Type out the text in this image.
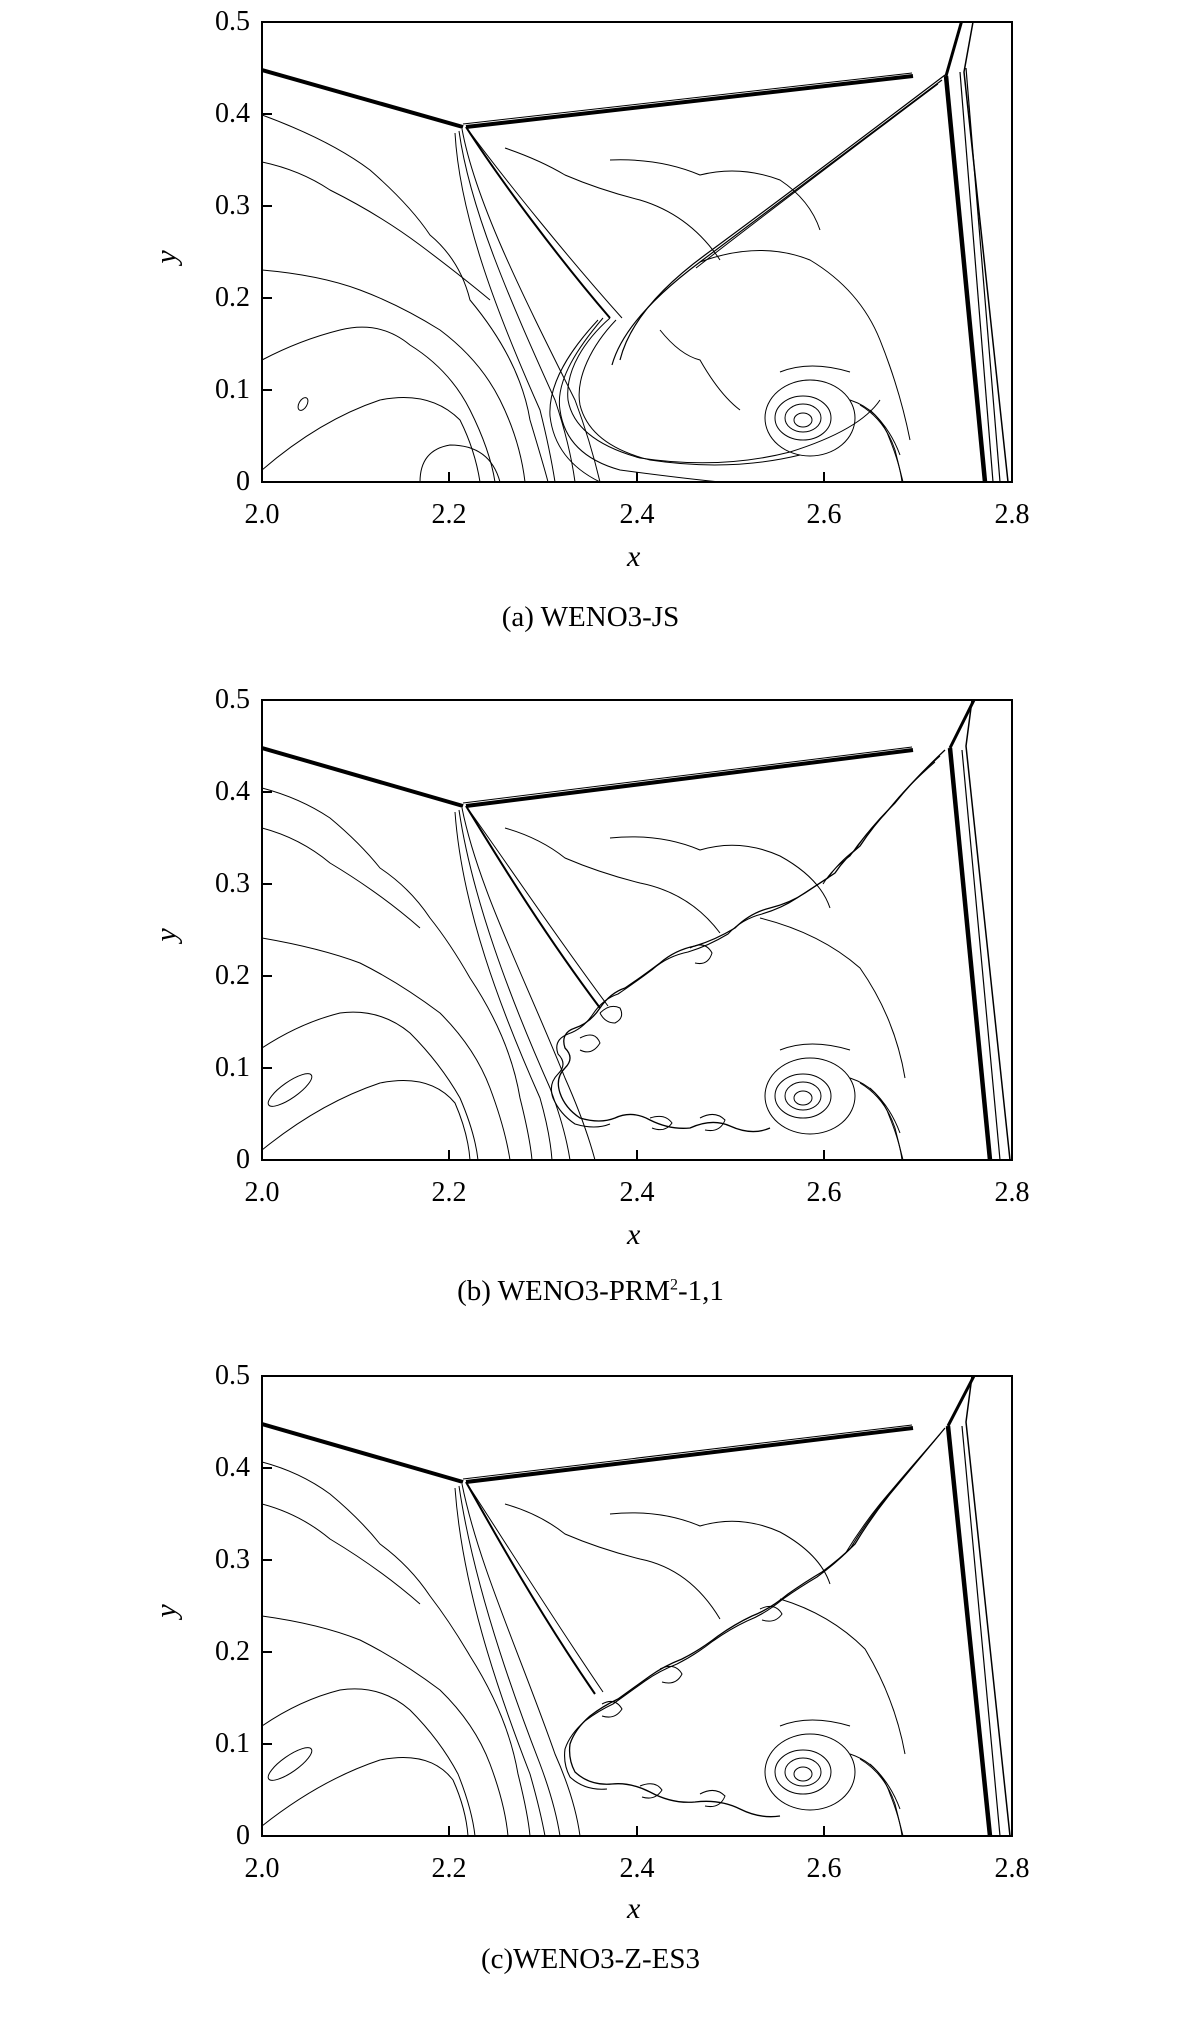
0.5
0.4
0.3
0.2
0.1
0
2.0	2.2	2.4	2.6	2.8
x
y
(a) WENO3-JS
0.5
0.4
0.3
0.2
0.1
0
2.0	2.2	2.4	2.6	2.8
x
y
(b) WENO3-PRM$^2$-1,1
0.5
0.4
0.3
0.2
0.1
0
2.0	2.2	2.4	2.6	2.8
x
y
(c)WENO3-Z-ES3
